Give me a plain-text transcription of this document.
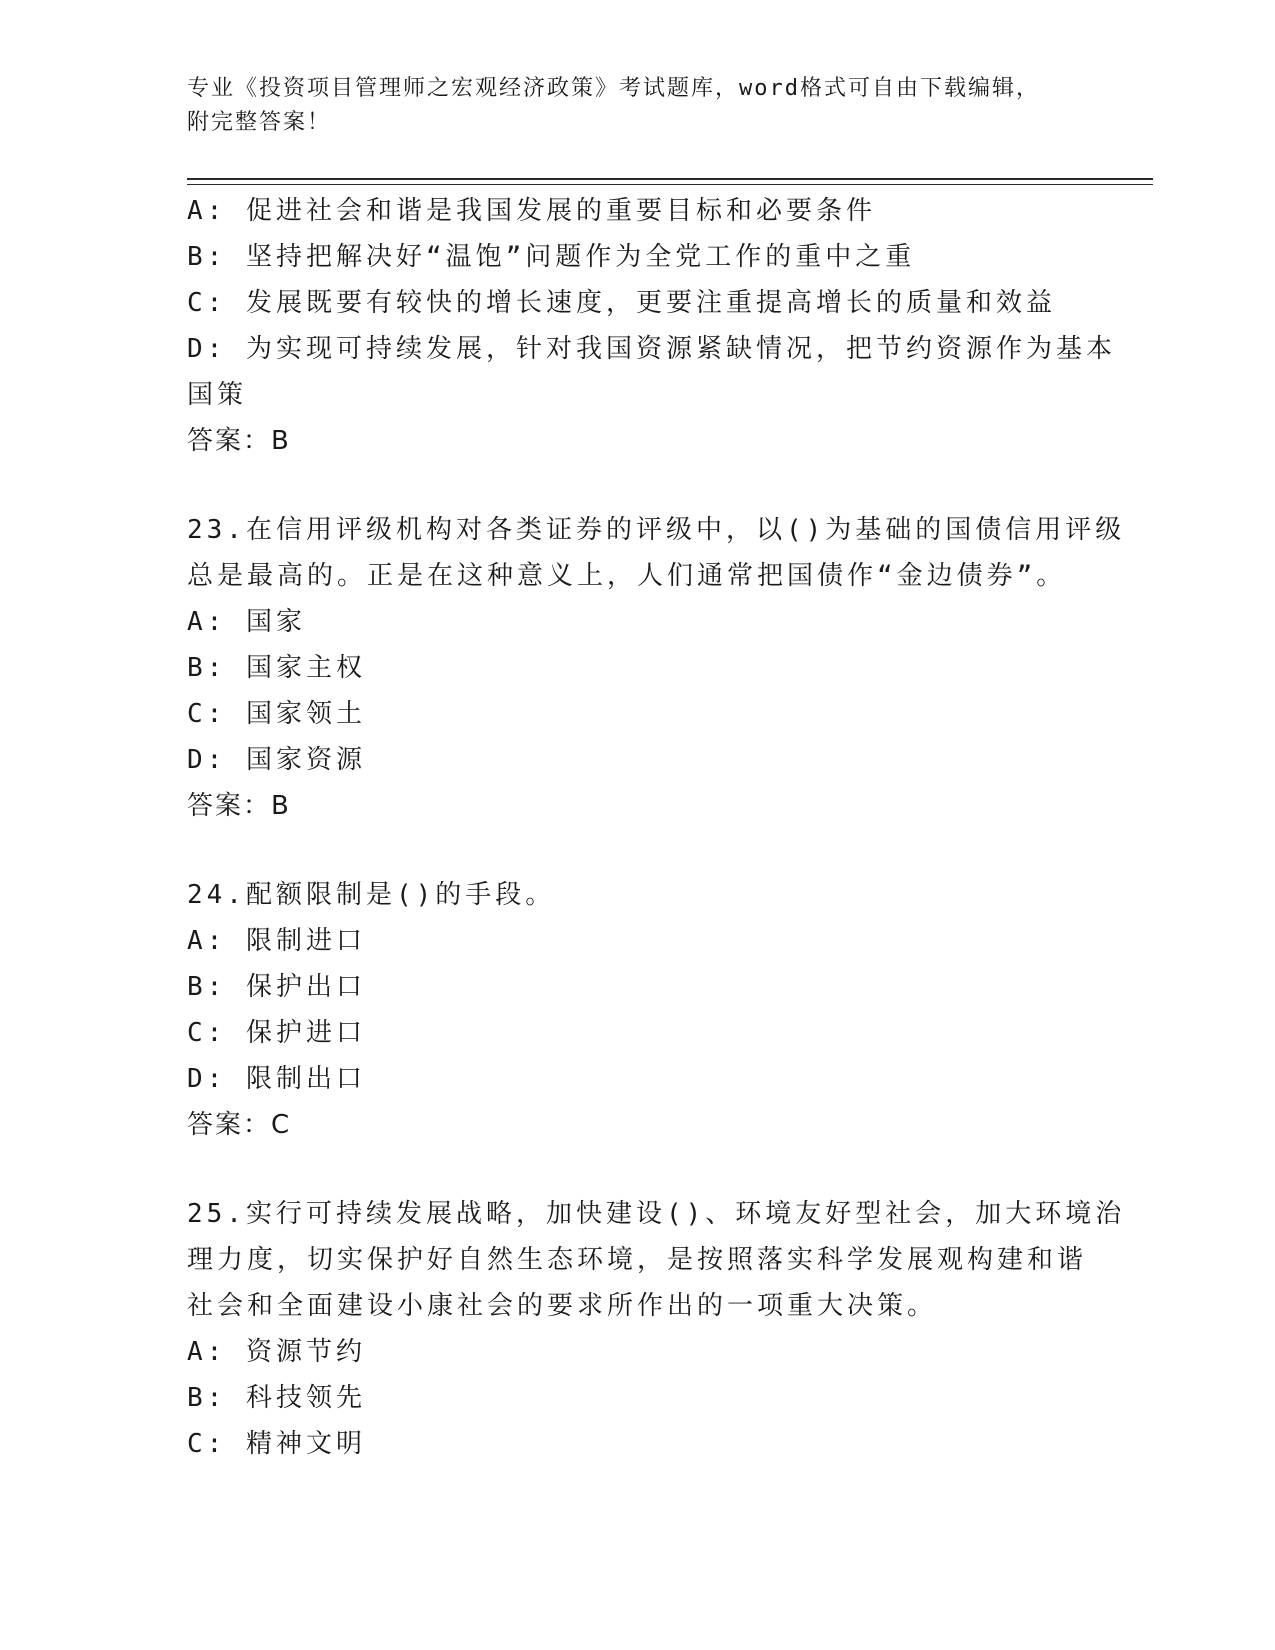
专业《投资项目管理师之宏观经济政策》考试题库，word格式可自由下载编辑，
附完整答案！
A: 促进社会和谐是我国发展的重要目标和必要条件
B: 坚持把解决好“温饱”问题作为全党工作的重中之重
C: 发展既要有较快的增长速度，更要注重提高增长的质量和效益
D: 为实现可持续发展，针对我国资源紧缺情况，把节约资源作为基本
国策
答案：B
23.在信用评级机构对各类证券的评级中，以()为基础的国债信用评级
总是最高的。正是在这种意义上，人们通常把国债作“金边债券”。
A: 国家
B: 国家主权
C: 国家领土
D: 国家资源
答案：B
24.配额限制是()的手段。
A: 限制进口
B: 保护出口
C: 保护进口
D: 限制出口
答案：C
25.实行可持续发展战略，加快建设()、环境友好型社会，加大环境治
理力度，切实保护好自然生态环境，是按照落实科学发展观构建和谐
社会和全面建设小康社会的要求所作出的一项重大决策。
A: 资源节约
B: 科技领先
C: 精神文明
